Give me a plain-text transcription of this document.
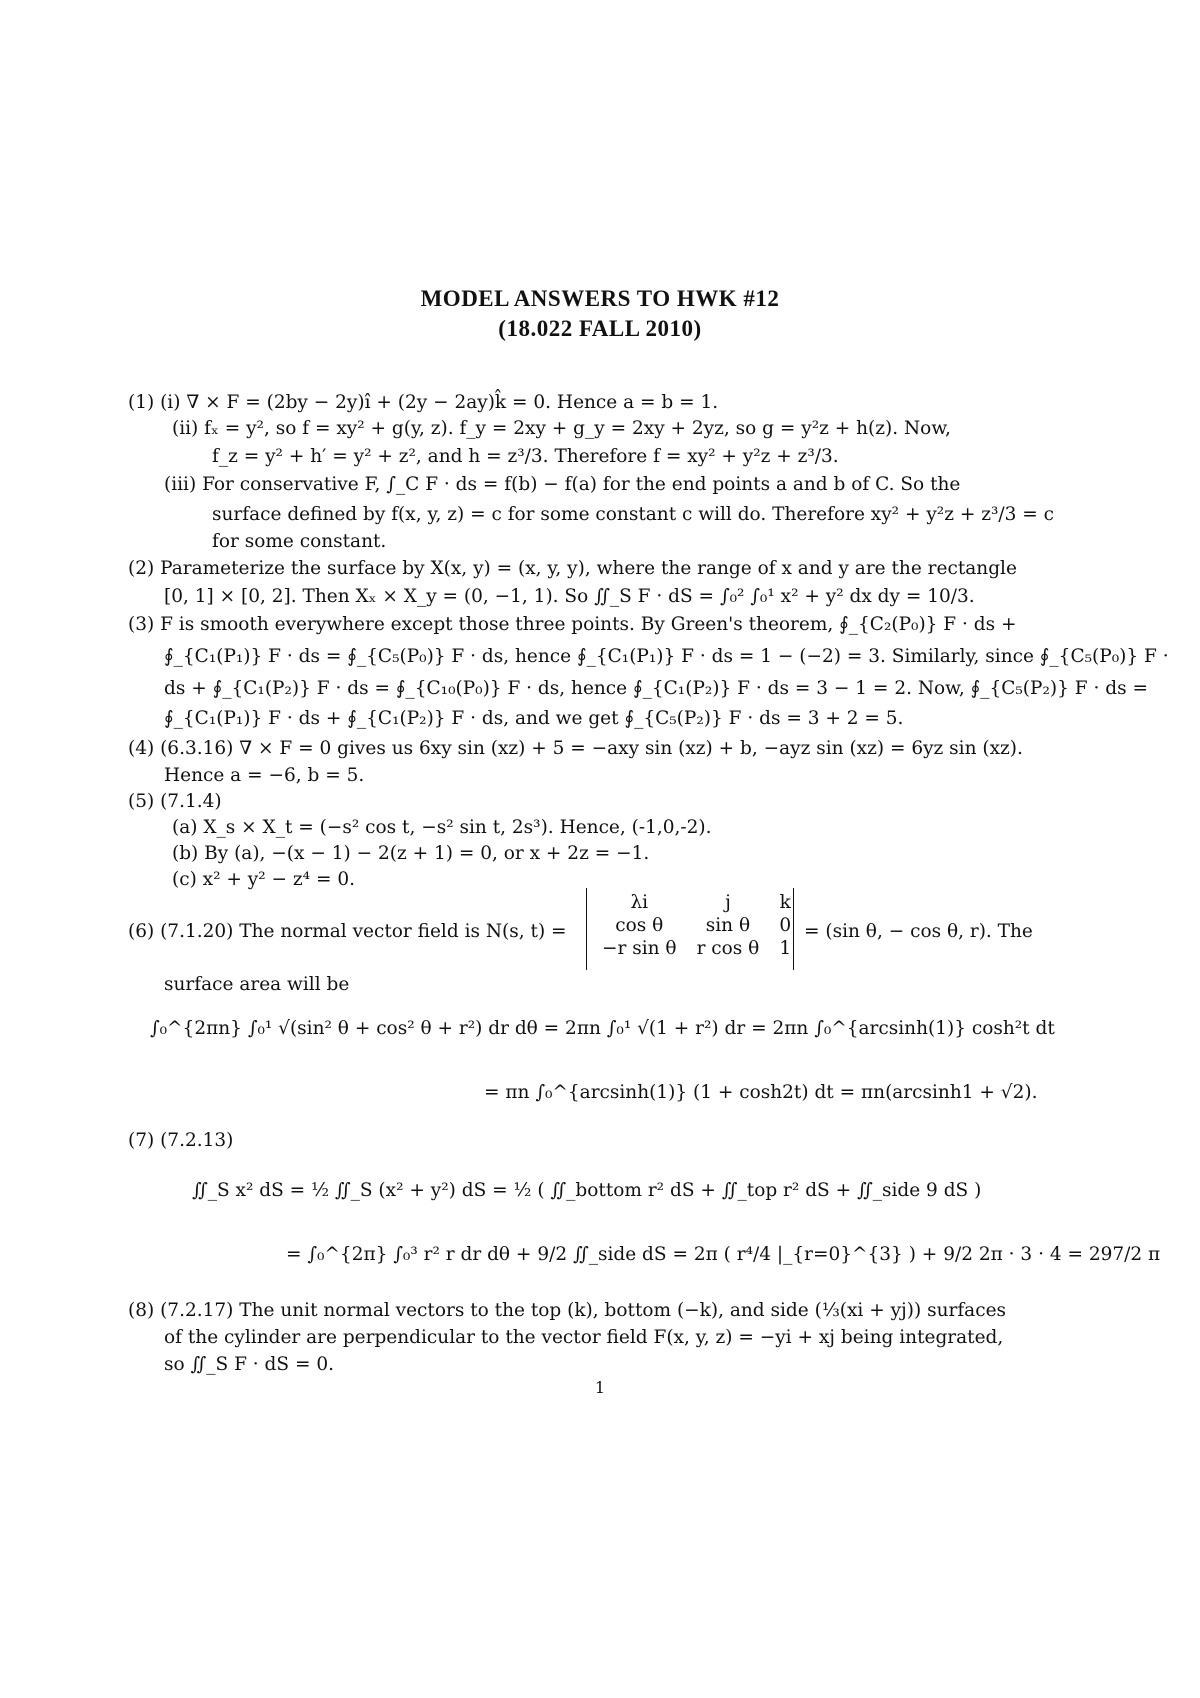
MODEL ANSWERS TO HWK #12
(18.022 FALL 2010)
(1) (i) ∇ × F = (2by − 2y)î + (2y − 2ay)k̂ = 0. Hence a = b = 1.
(ii) fₓ = y², so f = xy² + g(y, z). f_y = 2xy + g_y = 2xy + 2yz, so g = y²z + h(z). Now,
f_z = y² + h′ = y² + z², and h = z³/3. Therefore f = xy² + y²z + z³/3.
(iii) For conservative F, ∫_C F · ds = f(b) − f(a) for the end points a and b of C. So the
surface defined by f(x, y, z) = c for some constant c will do. Therefore xy² + y²z + z³/3 = c
for some constant.
(2) Parameterize the surface by X(x, y) = (x, y, y), where the range of x and y are the rectangle
[0, 1] × [0, 2]. Then Xₓ × X_y = (0, −1, 1). So ∬_S F · dS = ∫₀² ∫₀¹ x² + y² dx dy = 10/3.
(3) F is smooth everywhere except those three points. By Green's theorem, ∮_{C₂(P₀)} F · ds +
∮_{C₁(P₁)} F · ds = ∮_{C₅(P₀)} F · ds, hence ∮_{C₁(P₁)} F · ds = 1 − (−2) = 3. Similarly, since ∮_{C₅(P₀)} F ·
ds + ∮_{C₁(P₂)} F · ds = ∮_{C₁₀(P₀)} F · ds, hence ∮_{C₁(P₂)} F · ds = 3 − 1 = 2. Now, ∮_{C₅(P₂)} F · ds =
∮_{C₁(P₁)} F · ds + ∮_{C₁(P₂)} F · ds, and we get ∮_{C₅(P₂)} F · ds = 3 + 2 = 5.
(4) (6.3.16) ∇ × F = 0 gives us 6xy sin (xz) + 5 = −axy sin (xz) + b, −ayz sin (xz) = 6yz sin (xz).
Hence a = −6, b = 5.
(5) (7.1.4)
(a) X_s × X_t = (−s² cos t, −s² sin t, 2s³). Hence, (-1,0,-2).
(b) By (a), −(x − 1) − 2(z + 1) = 0, or x + 2z = −1.
(c) x² + y² − z⁴ = 0.
(6) (7.1.20) The normal vector field is N(s, t) =
λi	j	k
cos θ	sin θ	0
−r sin θ	r cos θ	1
= (sin θ, − cos θ, r). The
surface area will be
∫₀^{2πn} ∫₀¹ √(sin² θ + cos² θ + r²) dr dθ = 2πn ∫₀¹ √(1 + r²) dr = 2πn ∫₀^{arcsinh(1)} cosh²t dt
= πn ∫₀^{arcsinh(1)} (1 + cosh2t) dt = πn(arcsinh1 + √2).
(7) (7.2.13)
∬_S x² dS = ½ ∬_S (x² + y²) dS = ½ ( ∬_bottom r² dS + ∬_top r² dS + ∬_side 9 dS )
= ∫₀^{2π} ∫₀³ r² r dr dθ + 9/2 ∬_side dS = 2π ( r⁴/4 |_{r=0}^{3} ) + 9/2 2π · 3 · 4 = 297/2 π
(8) (7.2.17) The unit normal vectors to the top (k), bottom (−k), and side (⅓(xi + yj)) surfaces
of the cylinder are perpendicular to the vector field F(x, y, z) = −yi + xj being integrated,
so ∬_S F · dS = 0.
1
